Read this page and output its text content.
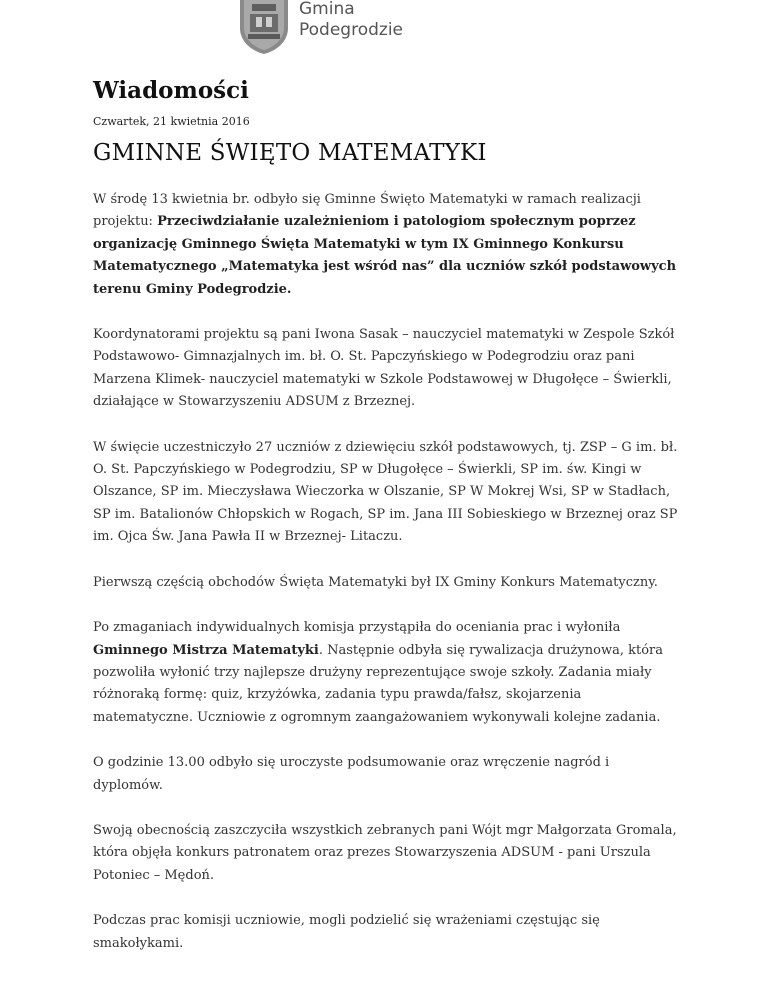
Gmina
Podegrodzie
Wiadomości
Czwartek, 21 kwietnia 2016
GMINNE ŚWIĘTO MATEMATYKI

W środę 13 kwietnia br. odbyło się Gminne Święto Matematyki w ramach realizacji projektu: Przeciwdziałanie uzależnieniom i patologiom społecznym poprzez organizację Gminnego Święta Matematyki w tym IX Gminnego Konkursu Matematycznego „Matematyka jest wśród nas” dla uczniów szkół podstawowych terenu Gminy Podegrodzie.

Koordynatorami projektu są pani Iwona Sasak – nauczyciel matematyki w Zespole Szkół Podstawowo- Gimnazjalnych im. bł. O. St. Papczyńskiego w Podegrodziu oraz pani Marzena Klimek- nauczyciel matematyki w Szkole Podstawowej w Długołęce – Świerkli, działające w Stowarzyszeniu ADSUM z Brzeznej.

W święcie uczestniczyło 27 uczniów z dziewięciu szkół podstawowych, tj. ZSP – G im. bł. O. St. Papczyńskiego w Podegrodziu, SP w Długołęce – Świerkli, SP im. św. Kingi w Olszance, SP im. Mieczysława Wieczorka w Olszanie, SP W Mokrej Wsi, SP w Stadłach, SP im. Batalionów Chłopskich w Rogach, SP im. Jana III Sobieskiego w Brzeznej oraz SP im. Ojca Św. Jana Pawła II w Brzeznej- Litaczu.

Pierwszą częścią obchodów Święta Matematyki był IX Gminy Konkurs Matematyczny.

Po zmaganiach indywidualnych komisja przystąpiła do oceniania prac i wyłoniła Gminnego Mistrza Matematyki. Następnie odbyła się rywalizacja drużynowa, która pozwoliła wyłonić trzy najlepsze drużyny reprezentujące swoje szkoły. Zadania miały różnoraką formę: quiz, krzyżówka, zadania typu prawda/fałsz, skojarzenia matematyczne. Uczniowie z ogromnym zaangażowaniem wykonywali kolejne zadania.

O godzinie 13.00 odbyło się uroczyste podsumowanie oraz wręczenie nagród i dyplomów.

Swoją obecnością zaszczyciła wszystkich zebranych pani Wójt mgr Małgorzata Gromala, która objęła konkurs patronatem oraz prezes Stowarzyszenia ADSUM - pani Urszula Potoniec – Mędoń.

Podczas prac komisji uczniowie, mogli podzielić się wrażeniami częstując się smakołykami.
